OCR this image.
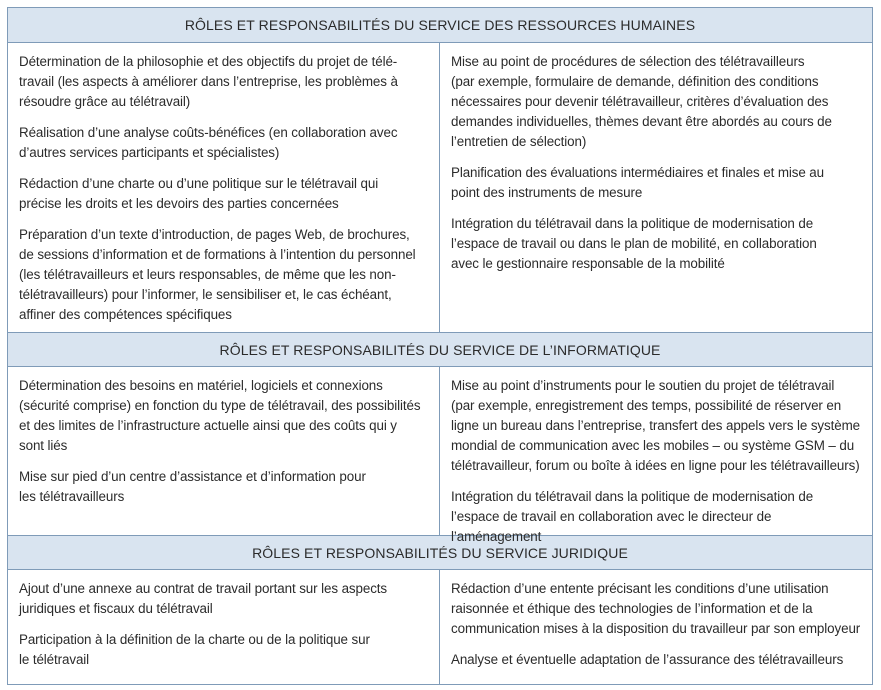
RÔLES ET RESPONSABILITÉS DU SERVICE DES RESSOURCES HUMAINES

Détermination de la philosophie et des objectifs du projet de télé-
travail (les aspects à améliorer dans l’entreprise, les problèmes à
résoudre grâce au télétravail)

Réalisation d’une analyse coûts-bénéfices (en collaboration avec
d’autres services participants et spécialistes)

Rédaction d’une charte ou d’une politique sur le télétravail qui
précise les droits et les devoirs des parties concernées

Préparation d’un texte d’introduction, de pages Web, de brochures,
de sessions d’information et de formations à l’intention du personnel
(les télétravailleurs et leurs responsables, de même que les non-
télétravailleurs) pour l’informer, le sensibiliser et, le cas échéant,
affiner des compétences spécifiques

Mise au point de procédures de sélection des télétravailleurs
(par exemple, formulaire de demande, définition des conditions
nécessaires pour devenir télétravailleur, critères d’évaluation des
demandes individuelles, thèmes devant être abordés au cours de
l’entretien de sélection)

Planification des évaluations intermédiaires et finales et mise au
point des instruments de mesure

Intégration du télétravail dans la politique de modernisation de
l’espace de travail ou dans le plan de mobilité, en collaboration
avec le gestionnaire responsable de la mobilité

RÔLES ET RESPONSABILITÉS DU SERVICE DE L’INFORMATIQUE

Détermination des besoins en matériel, logiciels et connexions
(sécurité comprise) en fonction du type de télétravail, des possibilités
et des limites de l’infrastructure actuelle ainsi que des coûts qui y
sont liés

Mise sur pied d’un centre d’assistance et d’information pour
les télétravailleurs

Mise au point d’instruments pour le soutien du projet de télétravail
(par exemple, enregistrement des temps, possibilité de réserver en
ligne un bureau dans l’entreprise, transfert des appels vers le système
mondial de communication avec les mobiles – ou système GSM – du
télétravailleur, forum ou boîte à idées en ligne pour les télétravailleurs)

Intégration du télétravail dans la politique de modernisation de
l’espace de travail en collaboration avec le directeur de

RÔLES ET RESPONSABILITÉS DU SERVICE JURIDIQUE

Ajout d’une annexe au contrat de travail portant sur les aspects
juridiques et fiscaux du télétravail

Participation à la définition de la charte ou de la politique sur
le télétravail

Rédaction d’une entente précisant les conditions d’une utilisation
raisonnée et éthique des technologies de l’information et de la
communication mises à la disposition du travailleur par son employeur

Analyse et éventuelle adaptation de l’assurance des télétravailleurs
